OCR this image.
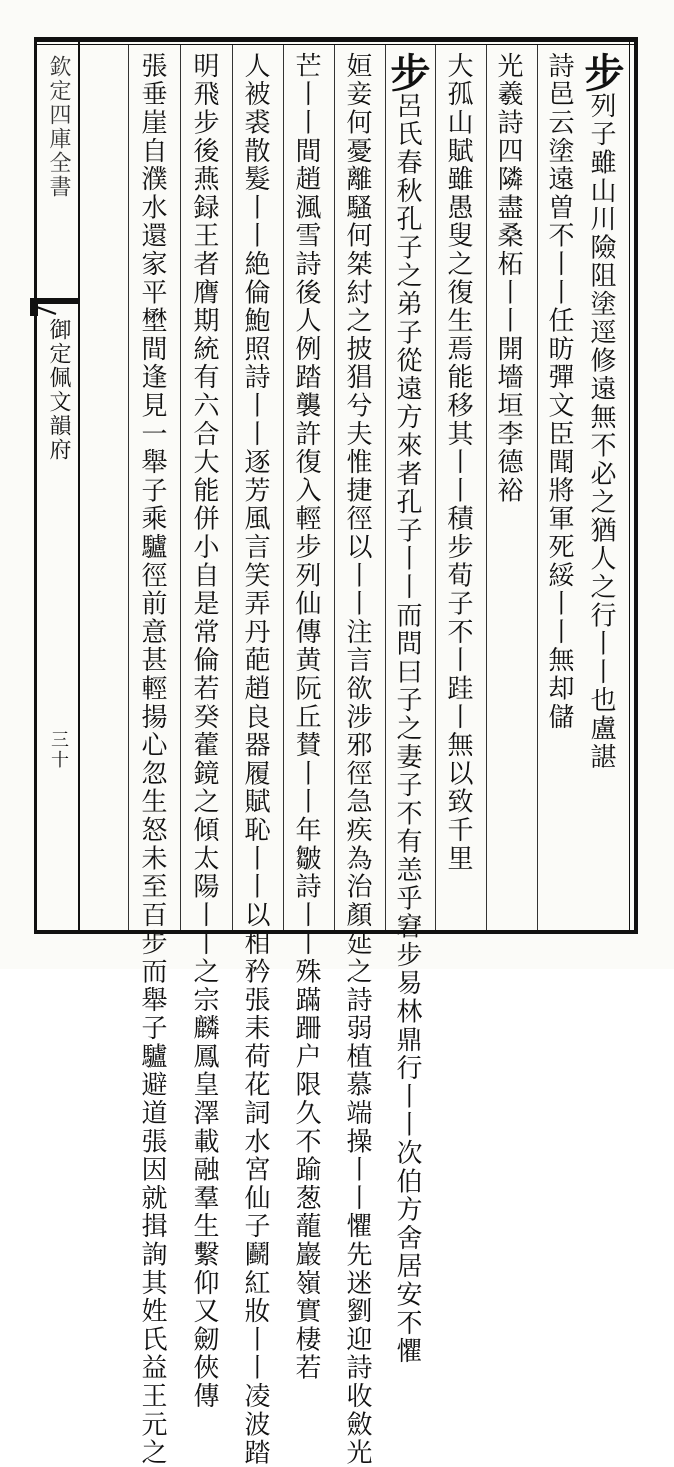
欽定四庫全書
御定佩文韻府
三十
步列子雖山川險阻塗逕修遠無不必之猶人之行丨丨也盧諶
詩邑云塗遠曽不丨丨任昉彈文臣聞將軍死綏丨丨無却儲
光羲詩四隣盡桑柘丨丨開墻垣李德裕
大孤山賦雖愚叟之復生焉能移其丨丨積步荀子不丨跬丨無以致千里
步呂氏春秋孔子之弟子從遠方來者孔子丨丨而問曰子之妻子不有恙乎窘步易林鼎行丨丨次伯方舍居安不懼
姮妾何憂離騷何桀紂之披猖兮夫惟捷徑以丨丨注言欲涉邪徑急疾為治顏延之詩弱植慕端操丨丨懼先迷劉迎詩收斂光
芒丨丨間趙渢雪詩後人例踏襲許復入輕步列仙傳黄阮丘賛丨丨年皺詩丨丨殊蹣跚户限久不踰葱蘢巖嶺實棲若
人被裘散髮丨丨絶倫鮑照詩丨丨逐芳風言笑弄丹葩趙良器履賦恥丨丨以相矜張耒荷花詞水宮仙子鬬紅妝丨丨凌波踏
明飛步後燕録王者膺期統有六合大能併小自是常倫若癸藿鏡之傾太陽丨丨之宗麟鳳皇澤載融羣生繫仰又劒俠傳
張垂崖自濮水還家平壄間逢見一舉子乘驢徑前意甚輕揚心忽生怒未至百步而舉子驢避道張因就揖詢其姓氏益王元之
